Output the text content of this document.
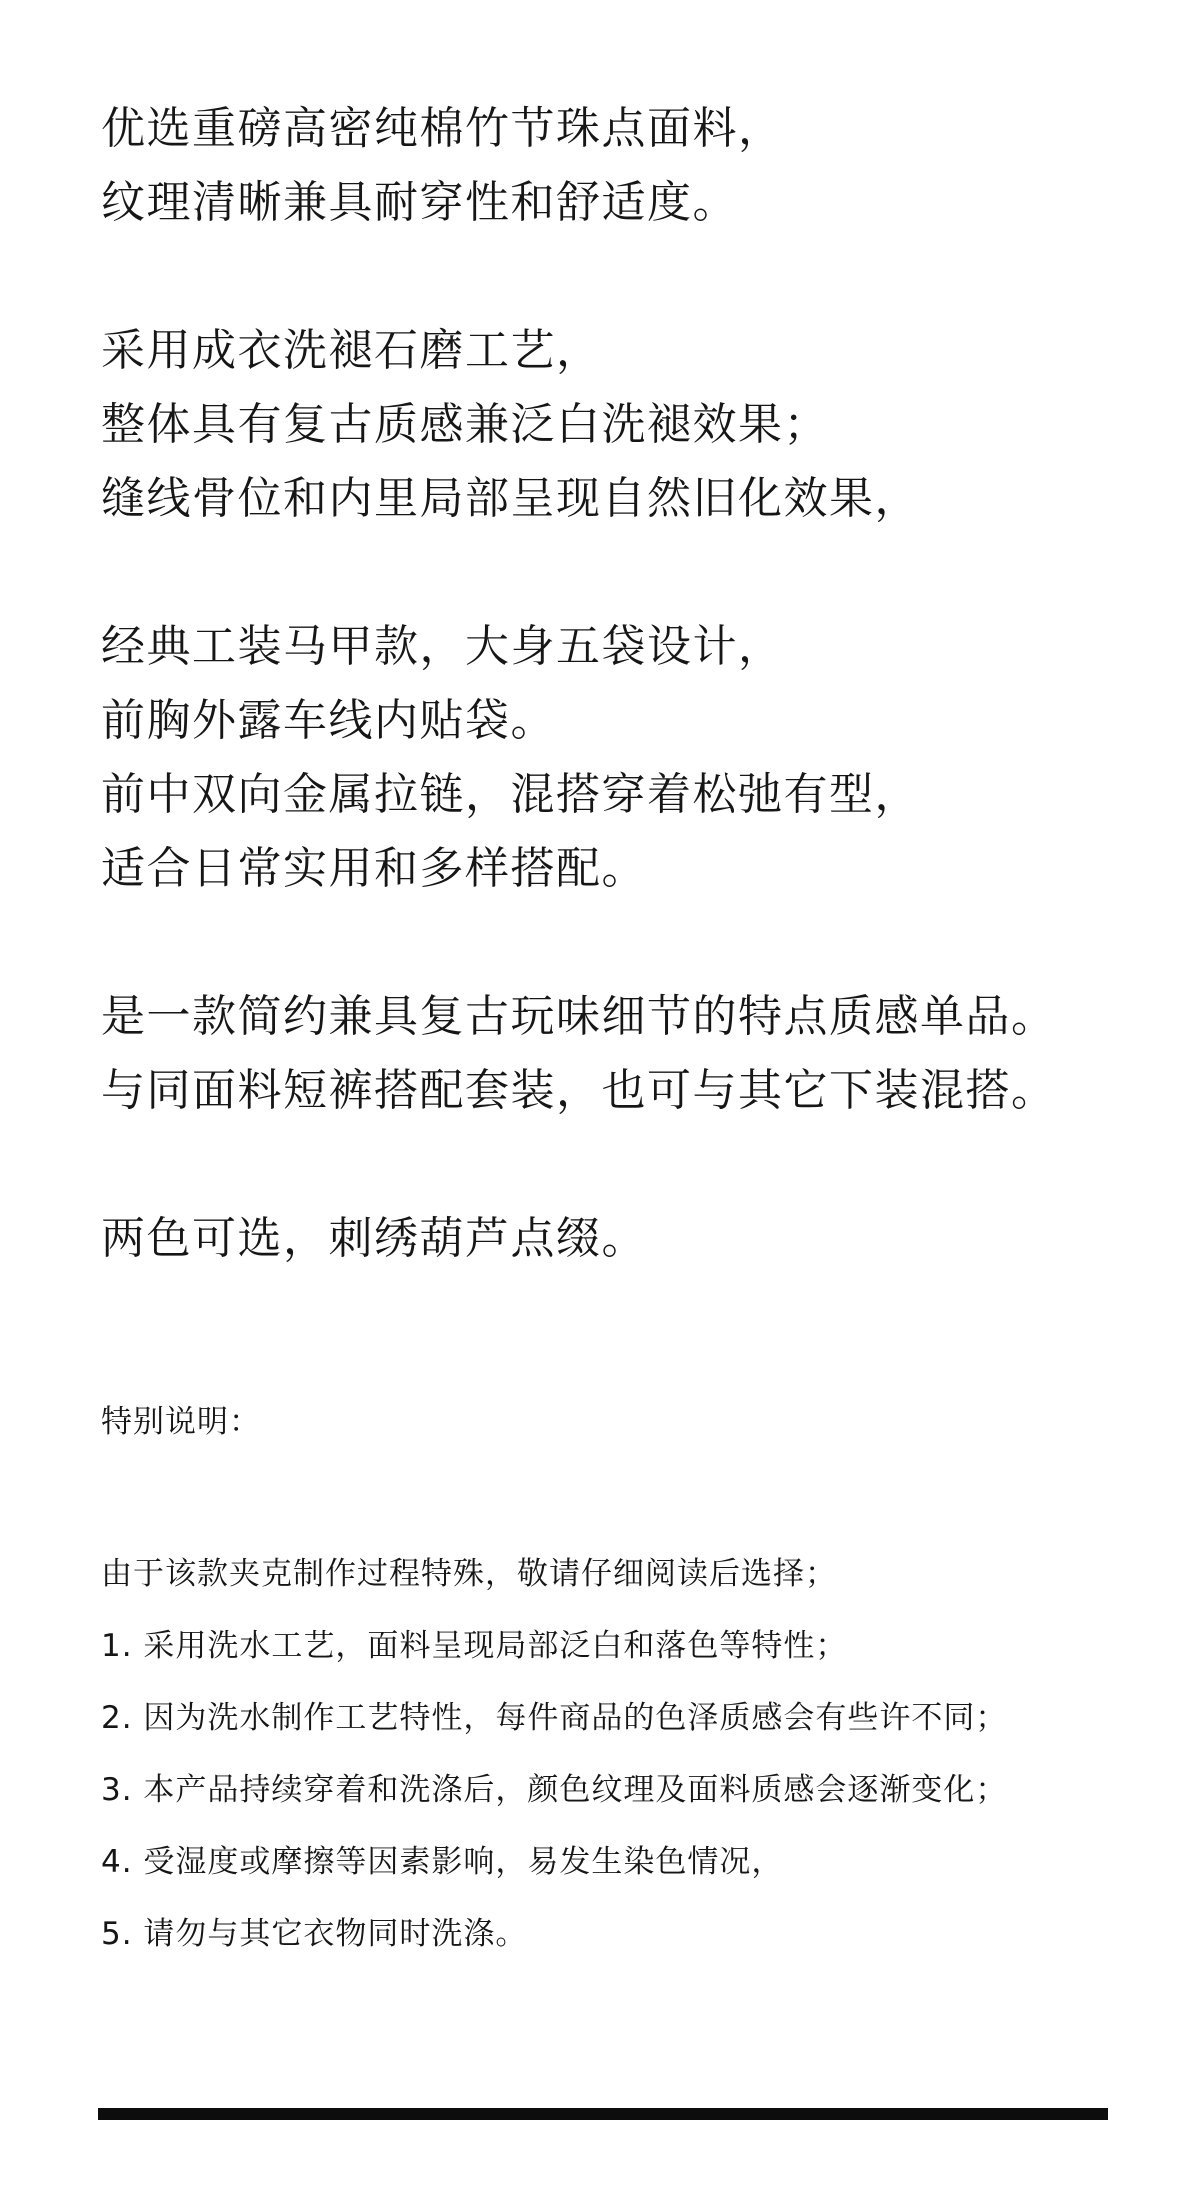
优选重磅高密纯棉竹节珠点面料，
纹理清晰兼具耐穿性和舒适度。
采用成衣洗褪石磨工艺，
整体具有复古质感兼泛白洗褪效果；
缝线骨位和内里局部呈现自然旧化效果，
经典工装马甲款，大身五袋设计，
前胸外露车线内贴袋。
前中双向金属拉链，混搭穿着松弛有型，
适合日常实用和多样搭配。
是一款简约兼具复古玩味细节的特点质感单品。
与同面料短裤搭配套装，也可与其它下装混搭。
两色可选，刺绣葫芦点缀。
特别说明：
由于该款夹克制作过程特殊，敬请仔细阅读后选择；
1. 采用洗水工艺，面料呈现局部泛白和落色等特性；
2. 因为洗水制作工艺特性，每件商品的色泽质感会有些许不同；
3. 本产品持续穿着和洗涤后，颜色纹理及面料质感会逐渐变化；
4. 受湿度或摩擦等因素影响，易发生染色情况，
5. 请勿与其它衣物同时洗涤。
